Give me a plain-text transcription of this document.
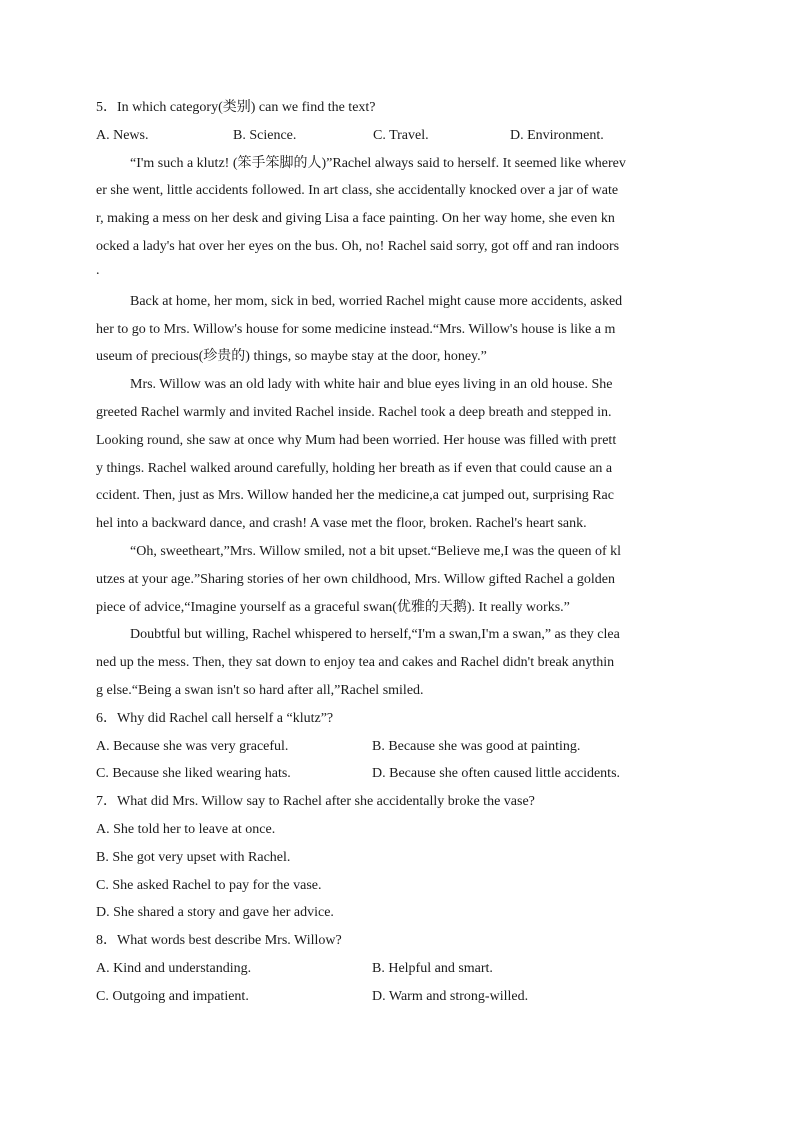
5．In which category(类别) can we find the text?
A. News.	B. Science.	C. Travel.	D. Environment.
“I'm such a klutz! (笨手笨脚的人)”Rachel always said to herself. It seemed like wherev
er she went, little accidents followed. In art class, she accidentally knocked over a jar of wate
r, making a mess on her desk and giving Lisa a face painting. On her way home, she even kn
ocked a lady's hat over her eyes on the bus. Oh, no! Rachel said sorry, got off and ran indoors
.
Back at home, her mom, sick in bed, worried Rachel might cause more accidents, asked
her to go to Mrs. Willow's house for some medicine instead.“Mrs. Willow's house is like a m
useum of precious(珍贵的) things, so maybe stay at the door, honey.”
Mrs. Willow was an old lady with white hair and blue eyes living in an old house. She
greeted Rachel warmly and invited Rachel inside. Rachel took a deep breath and stepped in.
Looking round, she saw at once why Mum had been worried. Her house was filled with prett
y things. Rachel walked around carefully, holding her breath as if even that could cause an a
ccident. Then, just as Mrs. Willow handed her the medicine,a cat jumped out, surprising Rac
hel into a backward dance, and crash! A vase met the floor, broken. Rachel's heart sank.
“Oh, sweetheart,”Mrs. Willow smiled, not a bit upset.“Believe me,I was the queen of kl
utzes at your age.”Sharing stories of her own childhood, Mrs. Willow gifted Rachel a golden
piece of advice,“Imagine yourself as a graceful swan(优雅的天鹅). It really works.”
Doubtful but willing, Rachel whispered to herself,“I'm a swan,I'm a swan,” as they clea
ned up the mess. Then, they sat down to enjoy tea and cakes and Rachel didn't break anythin
g else.“Being a swan isn't so hard after all,”Rachel smiled.
6．Why did Rachel call herself a “klutz”?
A. Because she was very graceful.	B. Because she was good at painting.
C. Because she liked wearing hats.	D. Because she often caused little accidents.
7．What did Mrs. Willow say to Rachel after she accidentally broke the vase?
A. She told her to leave at once.
B. She got very upset with Rachel.
C. She asked Rachel to pay for the vase.
D. She shared a story and gave her advice.
8．What words best describe Mrs. Willow?
A. Kind and understanding.	B. Helpful and smart.
C. Outgoing and impatient.	D. Warm and strong-willed.
